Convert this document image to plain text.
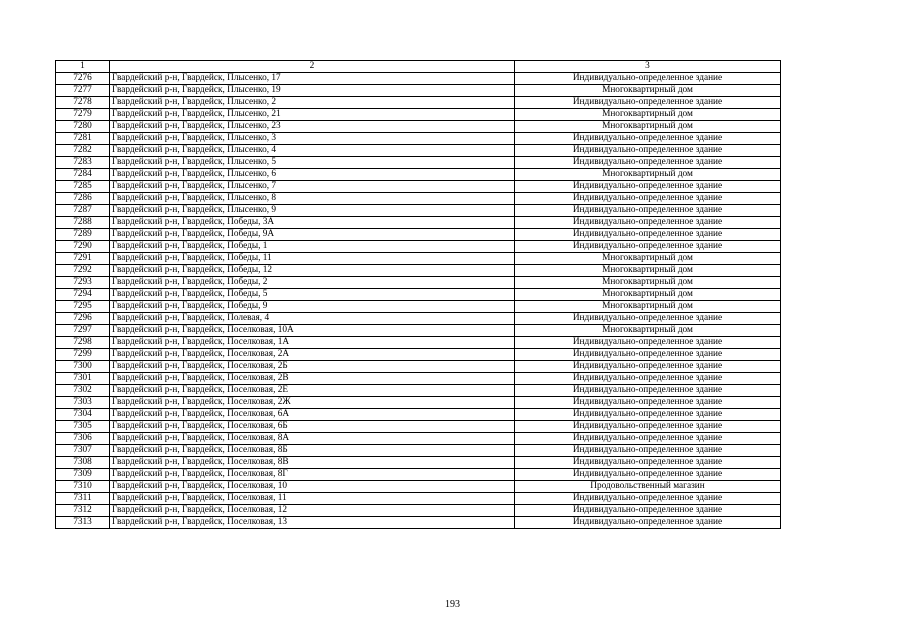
1	2	3
7276	Гвардейский р-н, Гвардейск, Плысенко, 17	Индивидуально-определенное здание
7277	Гвардейский р-н, Гвардейск, Плысенко, 19	Многоквартирный дом
7278	Гвардейский р-н, Гвардейск, Плысенко, 2	Индивидуально-определенное здание
7279	Гвардейский р-н, Гвардейск, Плысенко, 21	Многоквартирный дом
7280	Гвардейский р-н, Гвардейск, Плысенко, 23	Многоквартирный дом
7281	Гвардейский р-н, Гвардейск, Плысенко, 3	Индивидуально-определенное здание
7282	Гвардейский р-н, Гвардейск, Плысенко, 4	Индивидуально-определенное здание
7283	Гвардейский р-н, Гвардейск, Плысенко, 5	Индивидуально-определенное здание
7284	Гвардейский р-н, Гвардейск, Плысенко, 6	Многоквартирный дом
7285	Гвардейский р-н, Гвардейск, Плысенко, 7	Индивидуально-определенное здание
7286	Гвардейский р-н, Гвардейск, Плысенко, 8	Индивидуально-определенное здание
7287	Гвардейский р-н, Гвардейск, Плысенко, 9	Индивидуально-определенное здание
7288	Гвардейский р-н, Гвардейск, Победы, 3А	Индивидуально-определенное здание
7289	Гвардейский р-н, Гвардейск, Победы, 9А	Индивидуально-определенное здание
7290	Гвардейский р-н, Гвардейск, Победы, 1	Индивидуально-определенное здание
7291	Гвардейский р-н, Гвардейск, Победы, 11	Многоквартирный дом
7292	Гвардейский р-н, Гвардейск, Победы, 12	Многоквартирный дом
7293	Гвардейский р-н, Гвардейск, Победы, 2	Многоквартирный дом
7294	Гвардейский р-н, Гвардейск, Победы, 5	Многоквартирный дом
7295	Гвардейский р-н, Гвардейск, Победы, 9	Многоквартирный дом
7296	Гвардейский р-н, Гвардейск, Полевая, 4	Индивидуально-определенное здание
7297	Гвардейский р-н, Гвардейск, Поселковая, 10А	Многоквартирный дом
7298	Гвардейский р-н, Гвардейск, Поселковая, 1А	Индивидуально-определенное здание
7299	Гвардейский р-н, Гвардейск, Поселковая, 2А	Индивидуально-определенное здание
7300	Гвардейский р-н, Гвардейск, Поселковая, 2Б	Индивидуально-определенное здание
7301	Гвардейский р-н, Гвардейск, Поселковая, 2В	Индивидуально-определенное здание
7302	Гвардейский р-н, Гвардейск, Поселковая, 2Е	Индивидуально-определенное здание
7303	Гвардейский р-н, Гвардейск, Поселковая, 2Ж	Индивидуально-определенное здание
7304	Гвардейский р-н, Гвардейск, Поселковая, 6А	Индивидуально-определенное здание
7305	Гвардейский р-н, Гвардейск, Поселковая, 6Б	Индивидуально-определенное здание
7306	Гвардейский р-н, Гвардейск, Поселковая, 8А	Индивидуально-определенное здание
7307	Гвардейский р-н, Гвардейск, Поселковая, 8Б	Индивидуально-определенное здание
7308	Гвардейский р-н, Гвардейск, Поселковая, 8В	Индивидуально-определенное здание
7309	Гвардейский р-н, Гвардейск, Поселковая, 8Г	Индивидуально-определенное здание
7310	Гвардейский р-н, Гвардейск, Поселковая, 10	Продовольственный магазин
7311	Гвардейский р-н, Гвардейск, Поселковая, 11	Индивидуально-определенное здание
7312	Гвардейский р-н, Гвардейск, Поселковая, 12	Индивидуально-определенное здание
7313	Гвардейский р-н, Гвардейск, Поселковая, 13	Индивидуально-определенное здание
193
